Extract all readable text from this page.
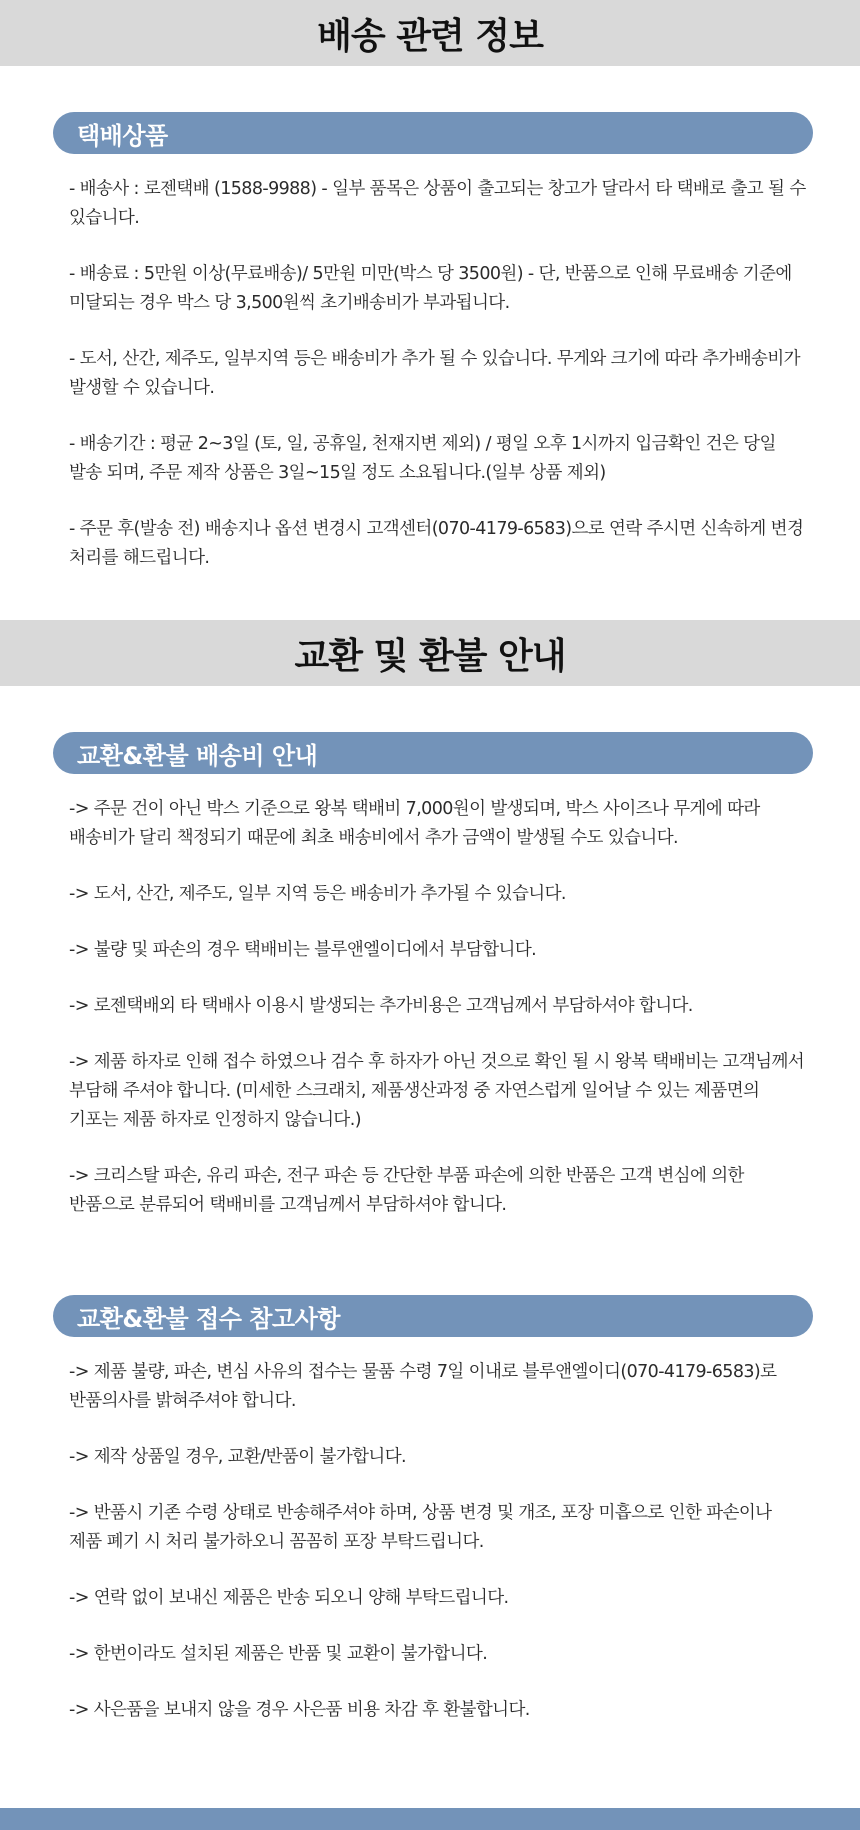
배송 관련 정보
택배상품

- 배송사 : 로젠택배 (1588-9988) - 일부 품목은 상품이 출고되는 창고가 달라서 타 택배로 출고 될 수 있습니다.

- 배송료 : 5만원 이상(무료배송)/ 5만원 미만(박스 당 3500원) - 단, 반품으로 인해 무료배송 기준에 미달되는 경우 박스 당 3,500원씩 초기배송비가 부과됩니다.

- 도서, 산간, 제주도, 일부지역 등은 배송비가 추가 될 수 있습니다. 무게와 크기에 따라 추가배송비가 발생할 수 있습니다.

- 배송기간 : 평균 2~3일 (토, 일, 공휴일, 천재지변 제외) / 평일 오후 1시까지 입금확인 건은 당일 발송 되며, 주문 제작 상품은 3일~15일 정도 소요됩니다.(일부 상품 제외)

- 주문 후(발송 전) 배송지나 옵션 변경시 고객센터(070-4179-6583)으로 연락 주시면 신속하게 변경 처리를 해드립니다.

교환 및 환불 안내
교환&환불 배송비 안내

-> 주문 건이 아닌 박스 기준으로 왕복 택배비 7,000원이 발생되며, 박스 사이즈나 무게에 따라 배송비가 달리 책정되기 때문에 최초 배송비에서 추가 금액이 발생될 수도 있습니다.

-> 도서, 산간, 제주도, 일부 지역 등은 배송비가 추가될 수 있습니다.

-> 불량 및 파손의 경우 택배비는 블루앤엘이디에서 부담합니다.

-> 로젠택배외 타 택배사 이용시 발생되는 추가비용은 고객님께서 부담하셔야 합니다.

-> 제품 하자로 인해 접수 하였으나 검수 후 하자가 아닌 것으로 확인 될 시 왕복 택배비는 고객님께서 부담해 주셔야 합니다. (미세한 스크래치, 제품생산과정 중 자연스럽게 일어날 수 있는 제품면의 기포는 제품 하자로 인정하지 않습니다.)

-> 크리스탈 파손, 유리 파손, 전구 파손 등 간단한 부품 파손에 의한 반품은 고객 변심에 의한 반품으로 분류되어 택배비를 고객님께서 부담하셔야 합니다.

교환&환불 접수 참고사항

-> 제품 불량, 파손, 변심 사유의 접수는 물품 수령 7일 이내로 블루앤엘이디(070-4179-6583)로 반품의사를 밝혀주셔야 합니다.

-> 제작 상품일 경우, 교환/반품이 불가합니다.

-> 반품시 기존 수령 상태로 반송해주셔야 하며, 상품 변경 및 개조, 포장 미흡으로 인한 파손이나 제품 폐기 시 처리 불가하오니 꼼꼼히 포장 부탁드립니다.

-> 연락 없이 보내신 제품은 반송 되오니 양해 부탁드립니다.

-> 한번이라도 설치된 제품은 반품 및 교환이 불가합니다.

-> 사은품을 보내지 않을 경우 사은품 비용 차감 후 환불합니다.
